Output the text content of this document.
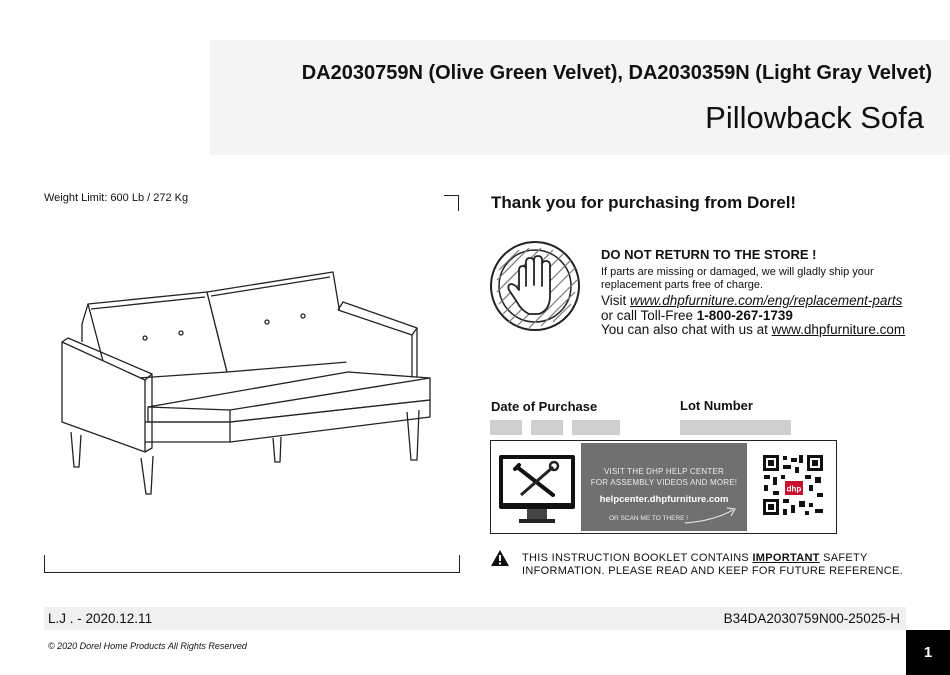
DA2030759N (Olive Green Velvet), DA2030359N (Light Gray Velvet)
Pillowback Sofa
Weight Limit: 600 Lb / 272 Kg	Thank you for purchasing from Dorel!
DO NOT RETURN TO THE STORE !
If parts are missing or damaged, we will gladly ship your replacement parts free of charge.
Visit www.dhpfurniture.com/eng/replacement-parts
or call Toll-Free 1-800-267-1739
You can also chat with us at www.dhpfurniture.com
Date of Purchase	Lot Number
VISIT THE DHP HELP CENTER
FOR ASSEMBLY VIDEOS AND MORE!
helpcenter.dhpfurniture.com
OR SCAN ME TO THERE !
dhp
THIS INSTRUCTION BOOKLET CONTAINS IMPORTANT SAFETY
INFORMATION. PLEASE READ AND KEEP FOR FUTURE REFERENCE.
L.J . - 2020.12.11	B34DA2030759N00-25025-H
© 2020 Dorel Home Products All Rights Reserved	1
